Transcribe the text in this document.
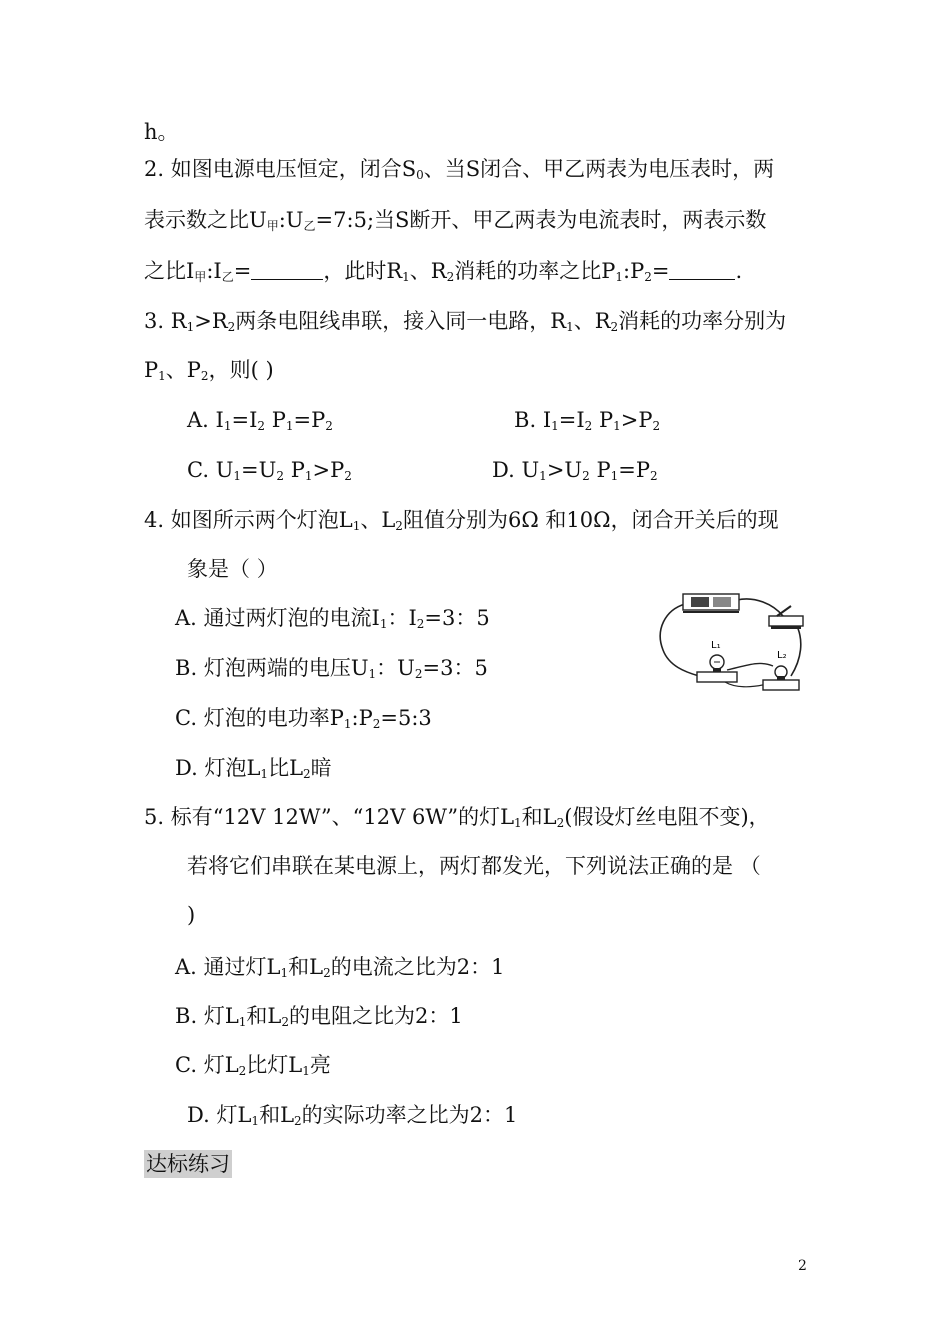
h。
2. 如图电源电压恒定，闭合$S_0$、当S闭合、甲乙两表为电压表时，两
表示数之比$U_甲:U_乙=7:5$;当S断开、甲乙两表为电流表时，两表示数
之比$I_甲:I_乙=$	，此时$R_1$、$R_2$消耗的功率之比$P_1:P_2=$	.
3. $R_1>R_2$两条电阻线串联，接入同一电路，$R_1$、$R_2$消耗的功率分别为
$P_1$、$P_2$，则( )
A. $I_1=I_2$ $P_1=P_2$	B. $I_1=I_2$ $P_1>P_2$
C. $U_1=U_2$ $P_1>P_2$	D. $U_1>U_2$ $P_1=P_2$
4. 如图所示两个灯泡$L_1$、$L_2$阻值分别为6Ω 和10Ω，闭合开关后的现
象是（ ）
A. 通过两灯泡的电流$I_1$：$I_2=3$：5
B. 灯泡两端的电压$U_1$：$U_2=3$：5
C. 灯泡的电功率$P_1:P_2=5:3$
D. 灯泡$L_1$比$L_2$暗
L₁
L₂
5. 标有“12V 12W”、“12V 6W”的灯$L_1$和$L_2$(假设灯丝电阻不变)，
若将它们串联在某电源上，两灯都发光，下列说法正确的是 （
)
A. 通过灯$L_1$和$L_2$的电流之比为2：1
B. 灯$L_1$和$L_2$的电阻之比为2：1
C. 灯$L_2$比灯$L_1$亮
D. 灯$L_1$和$L_2$的实际功率之比为2：1
达标练习
2
